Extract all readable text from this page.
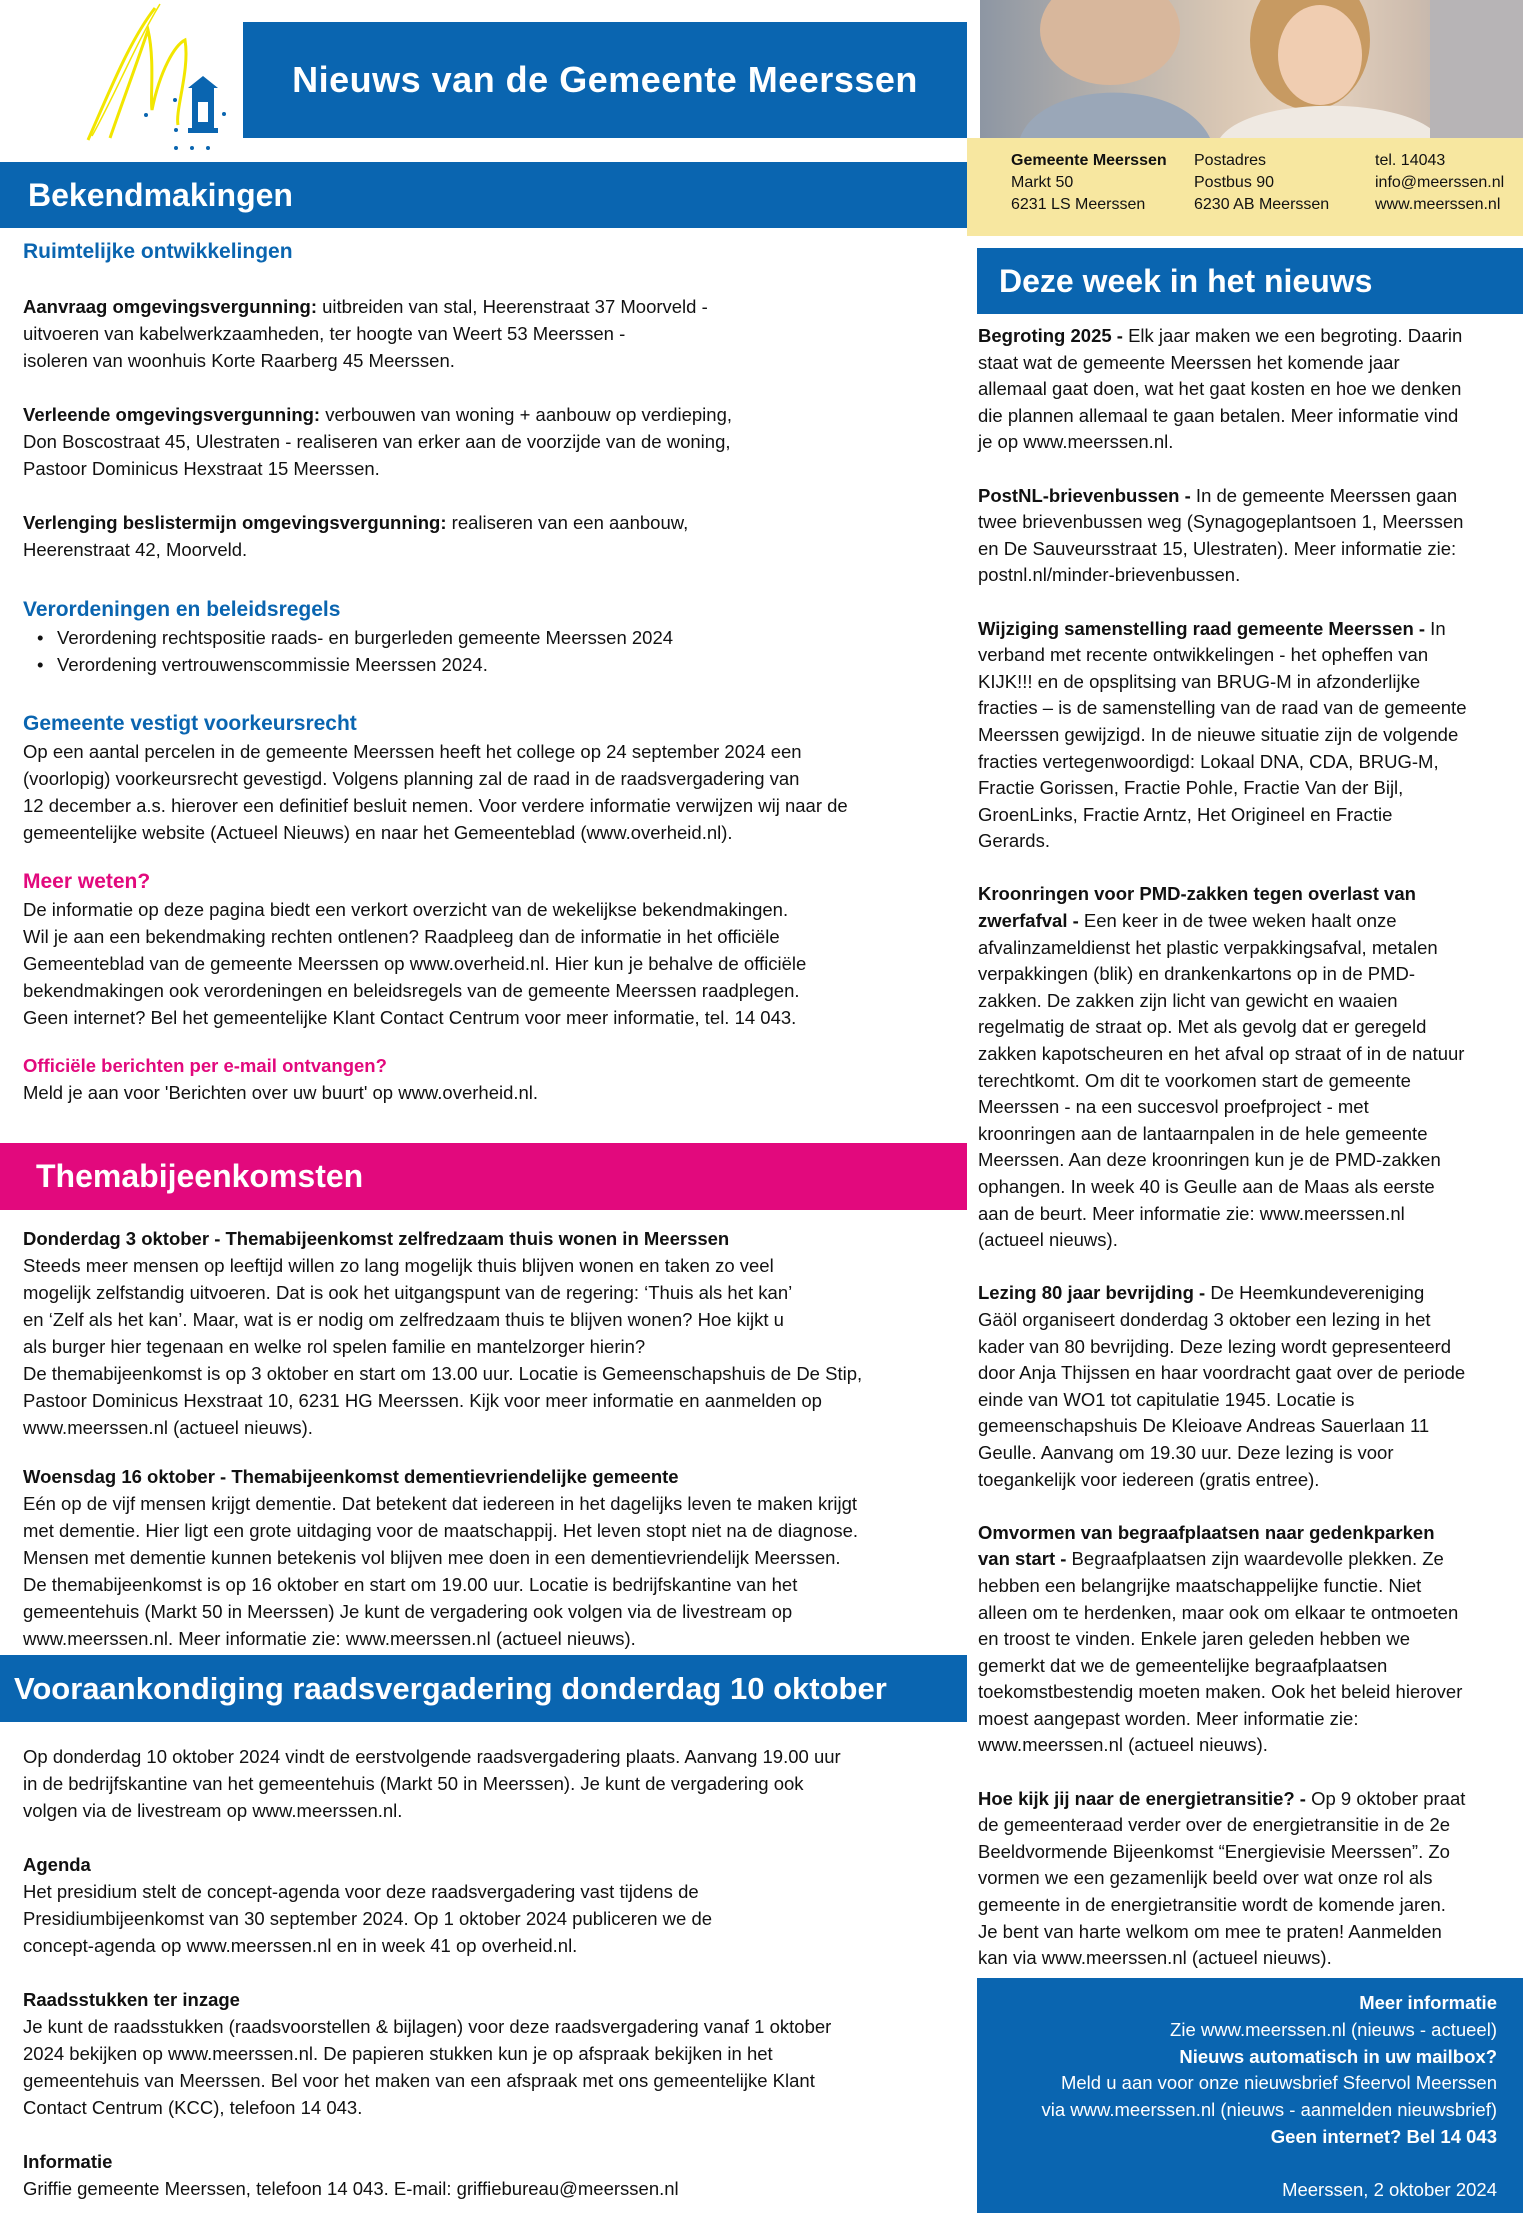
Nieuws van de Gemeente Meerssen
Gemeente Meerssen
Markt 50
6231 LS Meerssen
Postadres
Postbus 90
6230 AB Meerssen
tel. 14043
info@meerssen.nl
www.meerssen.nl
Bekendmakingen
Ruimtelijke ontwikkelingen

Aanvraag omgevingsvergunning: uitbreiden van stal, Heerenstraat 37 Moorveld -
uitvoeren van kabelwerkzaamheden, ter hoogte van Weert 53 Meerssen -
isoleren van woonhuis Korte Raarberg 45 Meerssen.

Verleende omgevingsvergunning: verbouwen van woning + aanbouw op verdieping,
Don Boscostraat 45, Ulestraten - realiseren van erker aan de voorzijde van de woning,
Pastoor Dominicus Hexstraat 15 Meerssen.

Verlenging beslistermijn omgevingsvergunning: realiseren van een aanbouw,
Heerenstraat 42, Moorveld.

Verordeningen en beleidsregels
• Verordening rechtspositie raads- en burgerleden gemeente Meerssen 2024
• Verordening vertrouwenscommissie Meerssen 2024.
Gemeente vestigt voorkeursrecht

Op een aantal percelen in de gemeente Meerssen heeft het college op 24 september 2024 een

(voorlopig) voorkeursrecht gevestigd. Volgens planning zal de raad in de raadsvergadering van

12 december a.s. hierover een definitief besluit nemen. Voor verdere informatie verwijzen wij naar de

gemeentelijke website (Actueel Nieuws) en naar het Gemeenteblad (www.overheid.nl).

Meer weten?

De informatie op deze pagina biedt een verkort overzicht van de wekelijkse bekendmakingen.

Wil je aan een bekendmaking rechten ontlenen? Raadpleeg dan de informatie in het officiële

Gemeenteblad van de gemeente Meerssen op www.overheid.nl. Hier kun je behalve de officiële

bekendmakingen ook verordeningen en beleidsregels van de gemeente Meerssen raadplegen.

Geen internet? Bel het gemeentelijke Klant Contact Centrum voor meer informatie, tel. 14 043.

Officiële berichten per e-mail ontvangen?

Meld je aan voor 'Berichten over uw buurt' op www.overheid.nl.

Themabijeenkomsten

Donderdag 3 oktober - Themabijeenkomst zelfredzaam thuis wonen in Meerssen

Steeds meer mensen op leeftijd willen zo lang mogelijk thuis blijven wonen en taken zo veel

mogelijk zelfstandig uitvoeren. Dat is ook het uitgangspunt van de regering: ‘Thuis als het kan’

en ‘Zelf als het kan’. Maar, wat is er nodig om zelfredzaam thuis te blijven wonen? Hoe kijkt u

als burger hier tegenaan en welke rol spelen familie en mantelzorger hierin?

De themabijeenkomst is op 3 oktober en start om 13.00 uur. Locatie is Gemeenschapshuis de De Stip,

Pastoor Dominicus Hexstraat 10, 6231 HG Meerssen. Kijk voor meer informatie en aanmelden op

www.meerssen.nl (actueel nieuws).

Woensdag 16 oktober - Themabijeenkomst dementievriendelijke gemeente

Eén op de vijf mensen krijgt dementie. Dat betekent dat iedereen in het dagelijks leven te maken krijgt

met dementie. Hier ligt een grote uitdaging voor de maatschappij. Het leven stopt niet na de diagnose.

Mensen met dementie kunnen betekenis vol blijven mee doen in een dementievriendelijk Meerssen.

De themabijeenkomst is op 16 oktober en start om 19.00 uur. Locatie is bedrijfskantine van het

gemeentehuis (Markt 50 in Meerssen) Je kunt de vergadering ook volgen via de livestream op

www.meerssen.nl. Meer informatie zie: www.meerssen.nl (actueel nieuws).

Vooraankondiging raadsvergadering donderdag 10 oktober

Op donderdag 10 oktober 2024 vindt de eerstvolgende raadsvergadering plaats. Aanvang 19.00 uur

in de bedrijfskantine van het gemeentehuis (Markt 50 in Meerssen). Je kunt de vergadering ook

volgen via de livestream op www.meerssen.nl.

Agenda

Het presidium stelt de concept-agenda voor deze raadsvergadering vast tijdens de

Presidiumbijeenkomst van 30 september 2024. Op 1 oktober 2024 publiceren we de

concept-agenda op www.meerssen.nl en in week 41 op overheid.nl.

Raadsstukken ter inzage

Je kunt de raadsstukken (raadsvoorstellen & bijlagen) voor deze raadsvergadering vanaf 1 oktober

2024 bekijken op www.meerssen.nl. De papieren stukken kun je op afspraak bekijken in het

gemeentehuis van Meerssen. Bel voor het maken van een afspraak met ons gemeentelijke Klant

Contact Centrum (KCC), telefoon 14 043.

Informatie

Griffie gemeente Meerssen, telefoon 14 043. E-mail: griffiebureau@meerssen.nl

Deze week in het nieuws

Begroting 2025 - Elk jaar maken we een begroting. Daarin
staat wat de gemeente Meerssen het komende jaar
allemaal gaat doen, wat het gaat kosten en hoe we denken
die plannen allemaal te gaan betalen. Meer informatie vind
je op www.meerssen.nl.

PostNL-brievenbussen - In de gemeente Meerssen gaan
twee brievenbussen weg (Synagogeplantsoen 1, Meerssen
en De Sauveursstraat 15, Ulestraten). Meer informatie zie:
postnl.nl/minder-brievenbussen.

Wijziging samenstelling raad gemeente Meerssen - In
verband met recente ontwikkelingen - het opheffen van
KIJK!!! en de opsplitsing van BRUG-M in afzonderlijke
fracties – is de samenstelling van de raad van de gemeente
Meerssen gewijzigd. In de nieuwe situatie zijn de volgende
fracties vertegenwoordigd: Lokaal DNA, CDA, BRUG-M,
Fractie Gorissen, Fractie Pohle, Fractie Van der Bijl,
GroenLinks, Fractie Arntz, Het Origineel en Fractie
Gerards.

Kroonringen voor PMD-zakken tegen overlast van
zwerfafval - Een keer in de twee weken haalt onze
afvalinzameldienst het plastic verpakkingsafval, metalen
verpakkingen (blik) en drankenkartons op in de PMD-
zakken. De zakken zijn licht van gewicht en waaien
regelmatig de straat op. Met als gevolg dat er geregeld
zakken kapotscheuren en het afval op straat of in de natuur
terechtkomt. Om dit te voorkomen start de gemeente
Meerssen - na een succesvol proefproject - met
kroonringen aan de lantaarnpalen in de hele gemeente
Meerssen. Aan deze kroonringen kun je de PMD-zakken
ophangen. In week 40 is Geulle aan de Maas als eerste
aan de beurt. Meer informatie zie: www.meerssen.nl
(actueel nieuws).

Lezing 80 jaar bevrijding - De Heemkundevereniging
Gäöl organiseert donderdag 3 oktober een lezing in het
kader van 80 bevrijding. Deze lezing wordt gepresenteerd
door Anja Thijssen en haar voordracht gaat over de periode
einde van WO1 tot capitulatie 1945. Locatie is
gemeenschapshuis De Kleioave Andreas Sauerlaan 11
Geulle. Aanvang om 19.30 uur. Deze lezing is voor
toegankelijk voor iedereen (gratis entree).

Omvormen van begraafplaatsen naar gedenkparken
van start - Begraafplaatsen zijn waardevolle plekken. Ze
hebben een belangrijke maatschappelijke functie. Niet
alleen om te herdenken, maar ook om elkaar te ontmoeten
en troost te vinden. Enkele jaren geleden hebben we
gemerkt dat we de gemeentelijke begraafplaatsen
toekomstbestendig moeten maken. Ook het beleid hierover
moest aangepast worden. Meer informatie zie:
www.meerssen.nl (actueel nieuws).

Hoe kijk jij naar de energietransitie? - Op 9 oktober praat
de gemeenteraad verder over de energietransitie in de 2e
Beeldvormende Bijeenkomst “Energievisie Meerssen”. Zo
vormen we een gezamenlijk beeld over wat onze rol als
gemeente in de energietransitie wordt de komende jaren.
Je bent van harte welkom om mee te praten! Aanmelden
kan via www.meerssen.nl (actueel nieuws).

Meer informatie
Zie www.meerssen.nl (nieuws - actueel)
Nieuws automatisch in uw mailbox?
Meld u aan voor onze nieuwsbrief Sfeervol Meerssen
via www.meerssen.nl (nieuws - aanmelden nieuwsbrief)
Geen internet? Bel 14 043
Meerssen, 2 oktober 2024
